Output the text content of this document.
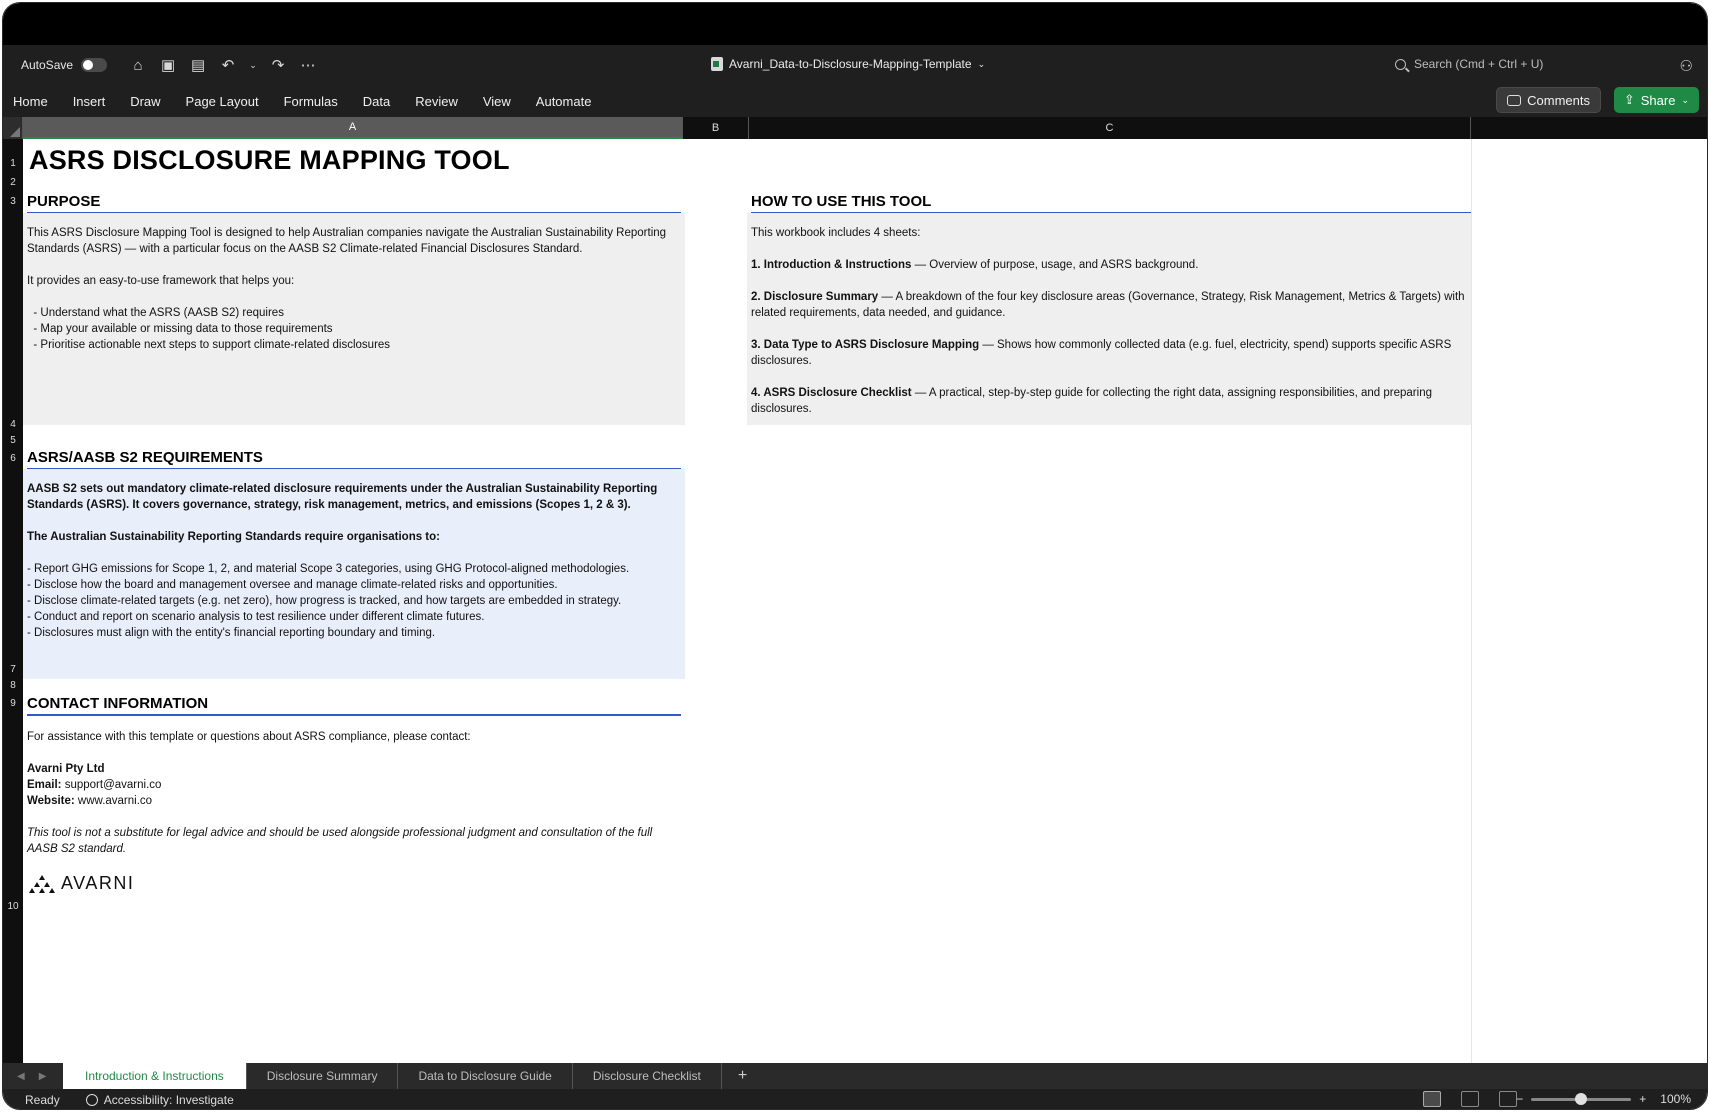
AutoSave	⌂ ▣ ▤ ↶	⌄ ↷ ⋯	Avarni_Data-to-Disclosure-Mapping-Template ⌄	Search (Cmd + Ctrl + U)	⚇
Home Insert Draw Page Layout Formulas Data Review View Automate	Comments	⇪ Share ⌄
A	B	C
1
2
3
4
5
6
7
8
9
10
ASRS DISCLOSURE MAPPING TOOL
PURPOSE

This ASRS Disclosure Mapping Tool is designed to help Australian companies navigate the Australian Sustainability Reporting Standards (ASRS) — with a particular focus on the AASB S2 Climate-related Financial Disclosures Standard.

It provides an easy-to-use framework that helps you:

- Understand what the ASRS (AASB S2) requires

- Map your available or missing data to those requirements

- Prioritise actionable next steps to support climate-related disclosures

HOW TO USE THIS TOOL

This workbook includes 4 sheets:

1. Introduction & Instructions — Overview of purpose, usage, and ASRS background.

2. Disclosure Summary — A breakdown of the four key disclosure areas (Governance, Strategy, Risk Management, Metrics & Targets) with related requirements, data needed, and guidance.

3. Data Type to ASRS Disclosure Mapping — Shows how commonly collected data (e.g. fuel, electricity, spend) supports specific ASRS disclosures.

4. ASRS Disclosure Checklist — A practical, step-by-step guide for collecting the right data, assigning responsibilities, and preparing disclosures.

ASRS/AASB S2 REQUIREMENTS

AASB S2 sets out mandatory climate-related disclosure requirements under the Australian Sustainability Reporting Standards (ASRS). It covers governance, strategy, risk management, metrics, and emissions (Scopes 1, 2 & 3).

The Australian Sustainability Reporting Standards require organisations to:

- Report GHG emissions for Scope 1, 2, and material Scope 3 categories, using GHG Protocol-aligned methodologies.

- Disclose how the board and management oversee and manage climate-related risks and opportunities.

- Disclose climate-related targets (e.g. net zero), how progress is tracked, and how targets are embedded in strategy.

- Conduct and report on scenario analysis to test resilience under different climate futures.

- Disclosures must align with the entity's financial reporting boundary and timing.

CONTACT INFORMATION

For assistance with this template or questions about ASRS compliance, please contact:

Avarni Pty Ltd

Email: support@avarni.co

Website: www.avarni.co

This tool is not a substitute for legal advice and should be used alongside professional judgment and consultation of the full AASB S2 standard.

AVARNI
◀ ▶	Introduction & Instructions	Disclosure Summary	Data to Disclosure Guide	Disclosure Checklist	+
Ready	Accessibility: Investigate	−	+ 100%
